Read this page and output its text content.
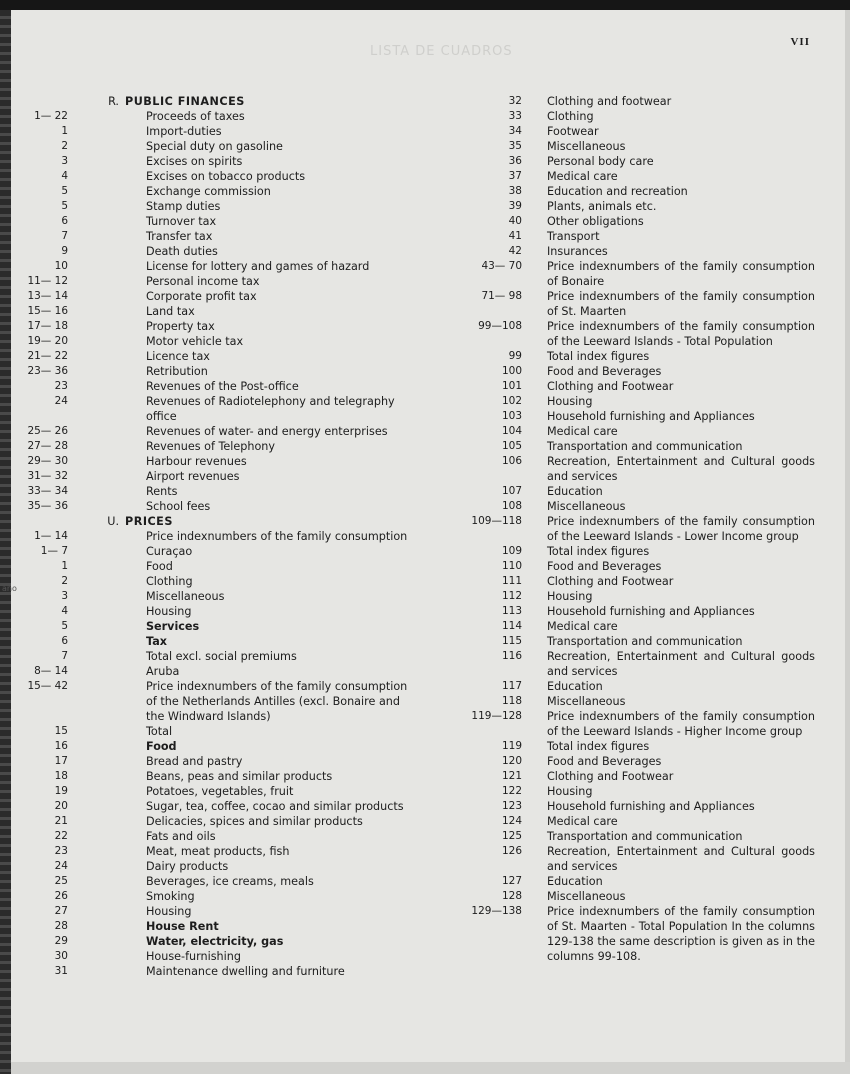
LISTA DE CUADROS
ano
VII
R. PUBLIC FINANCES
1— 22	Proceeds of taxes
1	Import-duties
2	Special duty on gasoline
3	Excises on spirits
4	Excises on tobacco products
5	Exchange commission
5	Stamp duties
6	Turnover tax
7	Transfer tax
9	Death duties
10	License for lottery and games of hazard
11— 12	Personal income tax
13— 14	Corporate profit tax
15— 16	Land tax
17— 18	Property tax
19— 20	Motor vehicle tax
21— 22	Licence tax
23— 36	Retribution
23	Revenues of the Post-office
24	Revenues of Radiotelephony and telegraphy office
25— 26	Revenues of water- and energy enterprises
27— 28	Revenues of Telephony
29— 30	Harbour revenues
31— 32	Airport revenues
33— 34	Rents
35— 36	School fees
U. PRICES
1— 14	Price indexnumbers of the family consumption
1— 7	Curaçao
1	Food
2	Clothing
3	Miscellaneous
4	Housing
5	Services
6	Tax
7	Total excl. social premiums
8— 14	Aruba
15— 42	Price indexnumbers of the family consumption of the Netherlands Antilles (excl. Bonaire and the Windward Islands)
15	Total
16	Food
17	Bread and pastry
18	Beans, peas and similar products
19	Potatoes, vegetables, fruit
20	Sugar, tea, coffee, cocao and similar products
21	Delicacies, spices and similar products
22	Fats and oils
23	Meat, meat products, fish
24	Dairy products
25	Beverages, ice creams, meals
26	Smoking
27	Housing
28	House Rent
29	Water, electricity, gas
30	House-furnishing
31	Maintenance dwelling and furniture
32 Clothing and footwear
33 Clothing
34 Footwear
35 Miscellaneous
36 Personal body care
37 Medical care
38 Education and recreation
39 Plants, animals etc.
40 Other obligations
41 Transport
42 Insurances
43— 70 Price indexnumbers of the family consumption of Bonaire
71— 98 Price indexnumbers of the family consumption of St. Maarten
99—108 Price indexnumbers of the family consumption of the Leeward Islands - Total Population
99 Total index figures
100 Food and Beverages
101 Clothing and Footwear
102 Housing
103 Household furnishing and Appliances
104 Medical care
105 Transportation and communication
106 Recreation, Entertainment and Cultural goods and services
107 Education
108 Miscellaneous
109—118 Price indexnumbers of the family consumption of the Leeward Islands - Lower Income group
109 Total index figures
110 Food and Beverages
111 Clothing and Footwear
112 Housing
113 Household furnishing and Appliances
114 Medical care
115 Transportation and communication
116 Recreation, Entertainment and Cultural goods and services
117 Education
118 Miscellaneous
119—128 Price indexnumbers of the family consumption of the Leeward Islands - Higher Income group
119 Total index figures
120 Food and Beverages
121 Clothing and Footwear
122 Housing
123 Household furnishing and Appliances
124 Medical care
125 Transportation and communication
126 Recreation, Entertainment and Cultural goods and services
127 Education
128 Miscellaneous
129—138 Price indexnumbers of the family consumption of St. Maarten - Total Population In the columns 129-138 the same description is given as in the columns 99-108.
